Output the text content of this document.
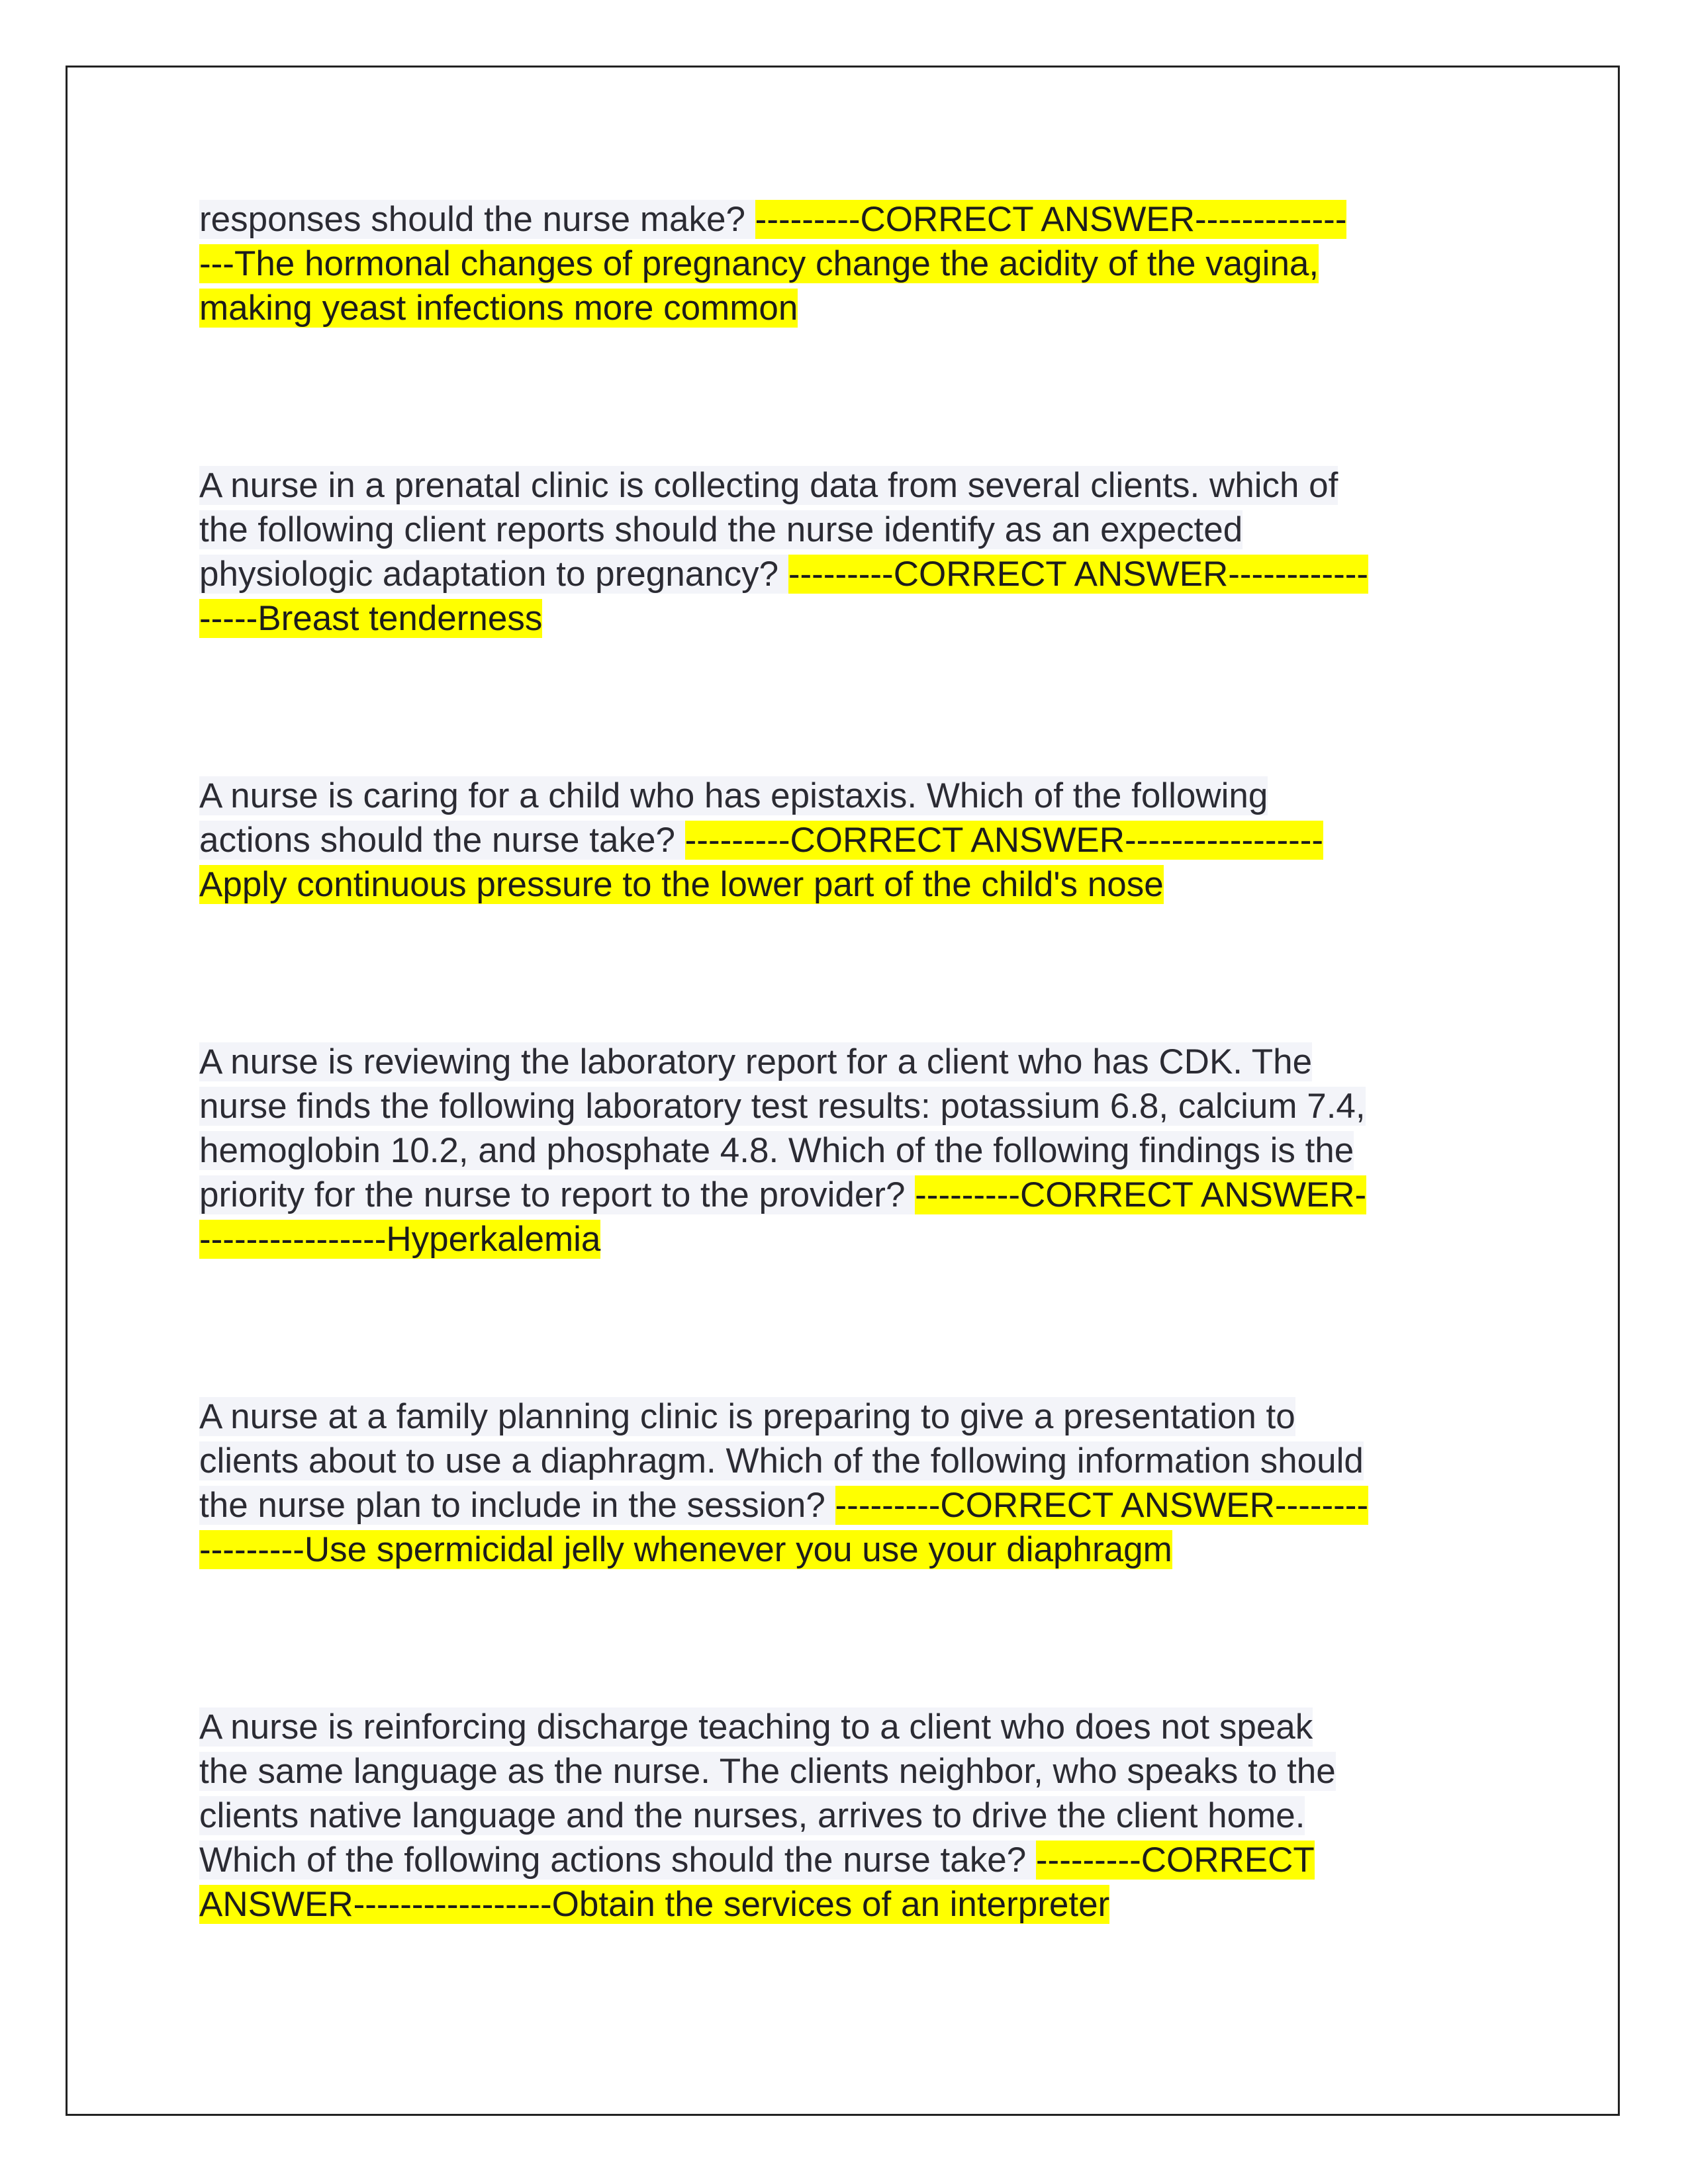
responses should the nurse make? ---------CORRECT ANSWER-------------
---The hormonal changes of pregnancy change the acidity of the vagina,
making yeast infections more common

A nurse in a prenatal clinic is collecting data from several clients. which of
the following client reports should the nurse identify as an expected
physiologic adaptation to pregnancy? ---------CORRECT ANSWER------------
-----Breast tenderness

A nurse is caring for a child who has epistaxis. Which of the following
actions should the nurse take? ---------CORRECT ANSWER-----------------
Apply continuous pressure to the lower part of the child's nose

A nurse is reviewing the laboratory report for a client who has CDK. The
nurse finds the following laboratory test results: potassium 6.8, calcium 7.4,
hemoglobin 10.2, and phosphate 4.8. Which of the following findings is the
priority for the nurse to report to the provider? ---------CORRECT ANSWER-
----------------Hyperkalemia

A nurse at a family planning clinic is preparing to give a presentation to
clients about to use a diaphragm. Which of the following information should
the nurse plan to include in the session? ---------CORRECT ANSWER--------
---------Use spermicidal jelly whenever you use your diaphragm

A nurse is reinforcing discharge teaching to a client who does not speak
the same language as the nurse. The clients neighbor, who speaks to the
clients native language and the nurses, arrives to drive the client home.
Which of the following actions should the nurse take? ---------CORRECT
ANSWER-----------------Obtain the services of an interpreter
